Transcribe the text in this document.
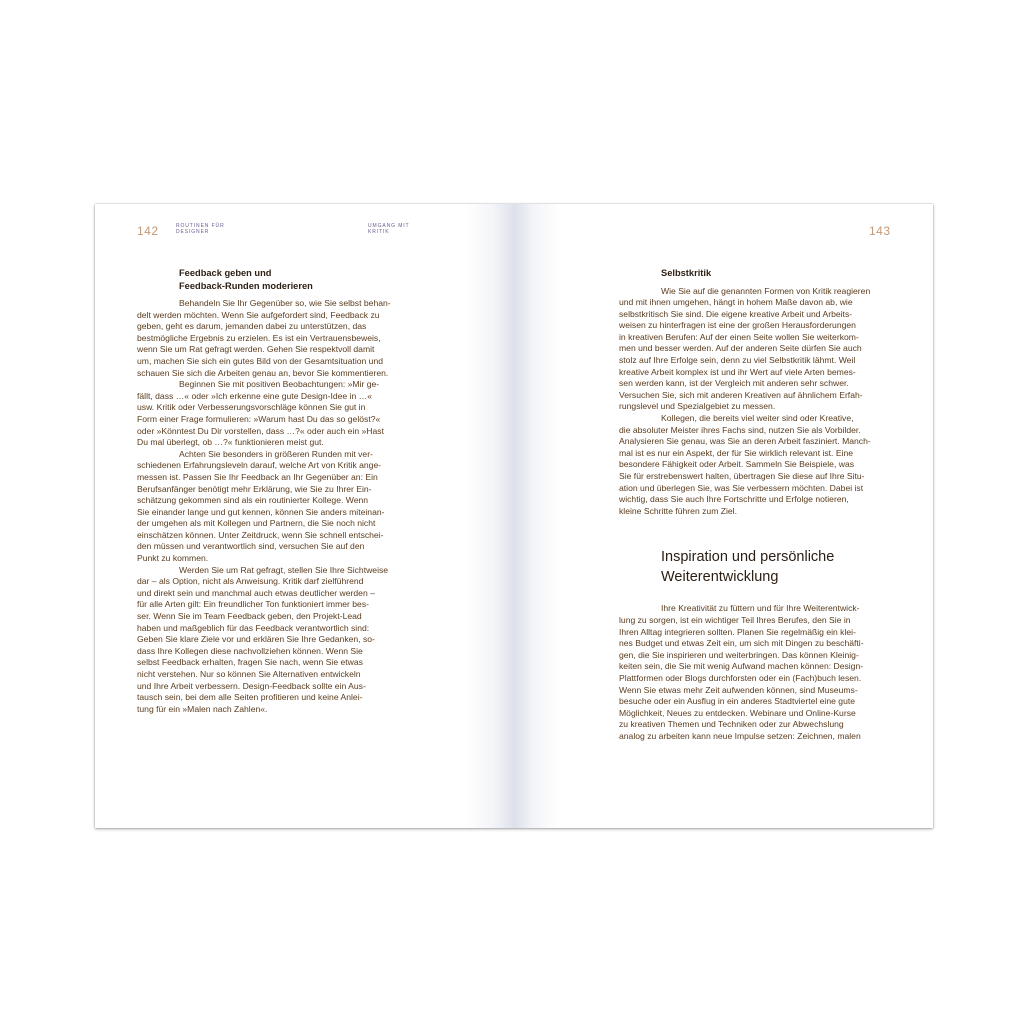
142	ROUTINEN FÜR DESIGNER
UMGANG MIT KRITIK
Feedback geben und
Feedback-Runden moderieren

Behandeln Sie Ihr Gegenüber so, wie Sie selbst behan-
delt werden möchten. Wenn Sie aufgefordert sind, Feedback zu
geben, geht es darum, jemanden dabei zu unterstützen, das
bestmögliche Ergebnis zu erzielen. Es ist ein Vertrauensbeweis,
wenn Sie um Rat gefragt werden. Gehen Sie respektvoll damit
um, machen Sie sich ein gutes Bild von der Gesamtsituation und
schauen Sie sich die Arbeiten genau an, bevor Sie kommentieren.

Beginnen Sie mit positiven Beobachtungen: »Mir ge-
fällt, dass …« oder »Ich erkenne eine gute Design-Idee in …«
usw. Kritik oder Verbesserungsvorschläge können Sie gut in
Form einer Frage formulieren: »Warum hast Du das so gelöst?«
oder »Könntest Du Dir vorstellen, dass …?« oder auch ein »Hast
Du mal überlegt, ob …?« funktionieren meist gut.

Achten Sie besonders in größeren Runden mit ver-
schiedenen Erfahrungsleveln darauf, welche Art von Kritik ange-
messen ist. Passen Sie Ihr Feedback an Ihr Gegenüber an: Ein
Berufsanfänger benötigt mehr Erklärung, wie Sie zu Ihrer Ein-
schätzung gekommen sind als ein routinierter Kollege. Wenn
Sie einander lange und gut kennen, können Sie anders miteinan-
der umgehen als mit Kollegen und Partnern, die Sie noch nicht
einschätzen können. Unter Zeitdruck, wenn Sie schnell entschei-
den müssen und verantwortlich sind, versuchen Sie auf den
Punkt zu kommen.

Werden Sie um Rat gefragt, stellen Sie Ihre Sichtweise
dar – als Option, nicht als Anweisung. Kritik darf zielführend
und direkt sein und manchmal auch etwas deutlicher werden –
für alle Arten gilt: Ein freundlicher Ton funktioniert immer bes-
ser. Wenn Sie im Team Feedback geben, den Projekt-Lead
haben und maßgeblich für das Feedback verantwortlich sind:
Geben Sie klare Ziele vor und erklären Sie Ihre Gedanken, so-
dass Ihre Kollegen diese nachvollziehen können. Wenn Sie
selbst Feedback erhalten, fragen Sie nach, wenn Sie etwas
nicht verstehen. Nur so können Sie Alternativen entwickeln
und Ihre Arbeit verbessern. Design-Feedback sollte ein Aus-
tausch sein, bei dem alle Seiten profitieren und keine Anlei-
tung für ein »Malen nach Zahlen«.

143
Selbstkritik

Wie Sie auf die genannten Formen von Kritik reagieren
und mit ihnen umgehen, hängt in hohem Maße davon ab, wie
selbstkritisch Sie sind. Die eigene kreative Arbeit und Arbeits-
weisen zu hinterfragen ist eine der großen Herausforderungen
in kreativen Berufen: Auf der einen Seite wollen Sie weiterkom-
men und besser werden. Auf der anderen Seite dürfen Sie auch
stolz auf Ihre Erfolge sein, denn zu viel Selbstkritik lähmt. Weil
kreative Arbeit komplex ist und ihr Wert auf viele Arten bemes-
sen werden kann, ist der Vergleich mit anderen sehr schwer.
Versuchen Sie, sich mit anderen Kreativen auf ähnlichem Erfah-
rungslevel und Spezialgebiet zu messen.

Kollegen, die bereits viel weiter sind oder Kreative,
die absoluter Meister ihres Fachs sind, nutzen Sie als Vorbilder.
Analysieren Sie genau, was Sie an deren Arbeit fasziniert. Manch-
mal ist es nur ein Aspekt, der für Sie wirklich relevant ist. Eine
besondere Fähigkeit oder Arbeit. Sammeln Sie Beispiele, was
Sie für erstrebenswert halten, übertragen Sie diese auf Ihre Situ-
ation und überlegen Sie, was Sie verbessern möchten. Dabei ist
wichtig, dass Sie auch Ihre Fortschritte und Erfolge notieren,
kleine Schritte führen zum Ziel.

Inspiration und persönliche
Weiterentwicklung

Ihre Kreativität zu füttern und für Ihre Weiterentwick-
lung zu sorgen, ist ein wichtiger Teil Ihres Berufes, den Sie in
Ihren Alltag integrieren sollten. Planen Sie regelmäßig ein klei-
nes Budget und etwas Zeit ein, um sich mit Dingen zu beschäfti-
gen, die Sie inspirieren und weiterbringen. Das können Kleinig-
keiten sein, die Sie mit wenig Aufwand machen können: Design-
Plattformen oder Blogs durchforsten oder ein (Fach)buch lesen.
Wenn Sie etwas mehr Zeit aufwenden können, sind Museums-
besuche oder ein Ausflug in ein anderes Stadtviertel eine gute
Möglichkeit, Neues zu entdecken. Webinare und Online-Kurse
zu kreativen Themen und Techniken oder zur Abwechslung
analog zu arbeiten kann neue Impulse setzen: Zeichnen, malen
